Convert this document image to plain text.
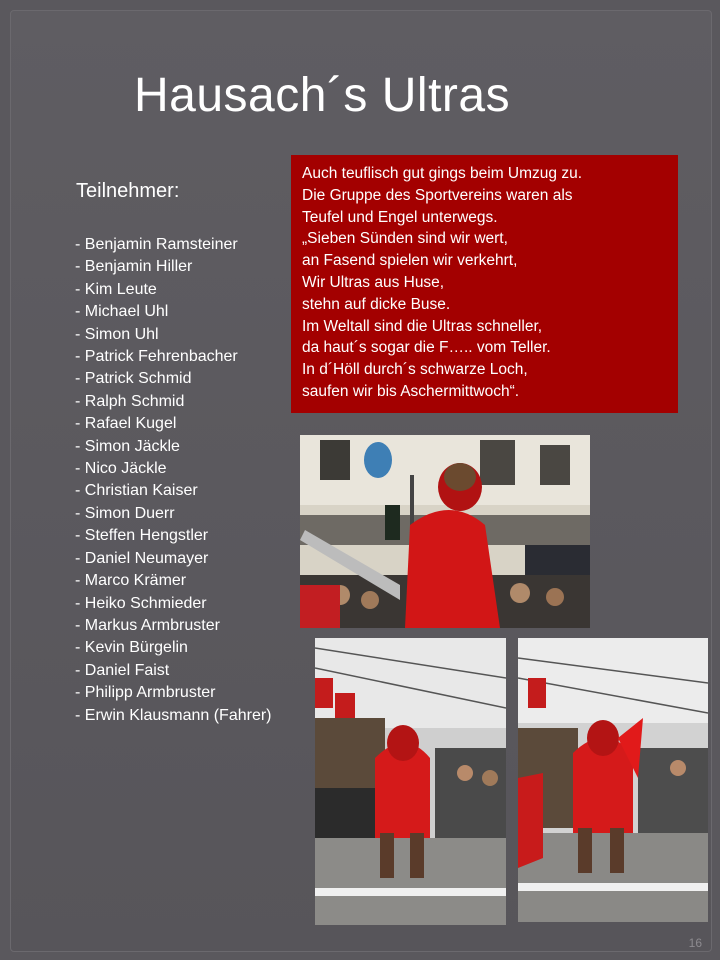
Hausach´s Ultras
Teilnehmer:
- Benjamin Ramsteiner
- Benjamin Hiller
- Kim Leute
- Michael Uhl
- Simon Uhl
- Patrick Fehrenbacher
- Patrick Schmid
- Ralph Schmid
- Rafael Kugel
- Simon Jäckle
- Nico Jäckle
- Christian Kaiser
- Simon Duerr
- Steffen Hengstler
- Daniel Neumayer
- Marco Krämer
- Heiko Schmieder
- Markus Armbruster
- Kevin Bürgelin
- Daniel Faist
- Philipp Armbruster
- Erwin Klausmann (Fahrer)

Auch teuflisch gut gings beim Umzug zu.

Die Gruppe des Sportvereins waren als

Teufel und Engel unterwegs.

„Sieben Sünden sind wir wert,

an Fasend spielen wir verkehrt,

Wir Ultras aus Huse,

stehn auf dicke Buse.

Im Weltall sind die Ultras schneller,

da haut´s sogar die F….. vom Teller.

In d´Höll durch´s schwarze Loch,

saufen wir bis Aschermittwoch“.

16
